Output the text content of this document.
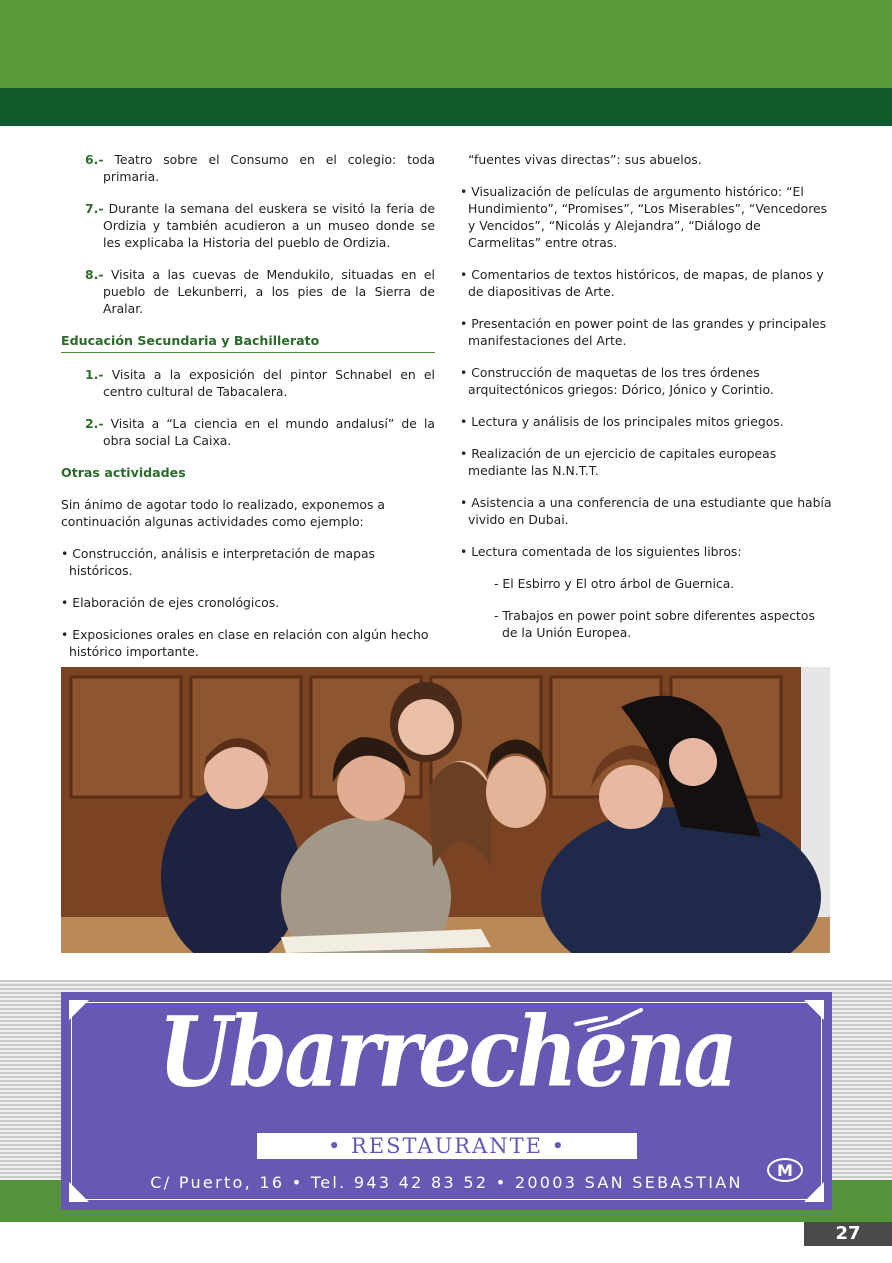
6.- Teatro sobre el Consumo en el colegio: toda primaria.
7.- Durante la semana del euskera se visitó la feria de Ordizia y también acudieron a un museo donde se les explicaba la Historia del pueblo de Ordizia.
8.- Visita a las cuevas de Mendukilo, situadas en el pueblo de Lekunberri, a los pies de la Sierra de Aralar.
Educación Secundaria y Bachillerato
1.- Visita a la exposición del pintor Schnabel en el centro cultural de Tabacalera.
2.- Visita a “La ciencia en el mundo andalusí” de la obra social La Caixa.
Otras actividades
Sin ánimo de agotar todo lo realizado, exponemos a continuación algunas actividades como ejemplo:
• Construcción, análisis e interpretación de mapas históricos.
• Elaboración de ejes cronológicos.
• Exposiciones orales en clase en relación con algún hecho histórico importante.
•
“fuentes vivas directas”: sus abuelos.
• Visualización de películas de argumento histórico: “El Hundimiento”, “Promises”, “Los Miserables”, “Vencedores y Vencidos”, “Nicolás y Alejandra”, “Diálogo de Carmelitas” entre otras.
• Comentarios de textos históricos, de mapas, de planos y de diapositivas de Arte.
• Presentación en power point de las grandes y principales manifestaciones del Arte.
• Construcción de maquetas de los tres órdenes arquitectónicos griegos: Dórico, Jónico y Corintio.
• Lectura y análisis de los principales mitos griegos.
• Realización de un ejercicio de capitales europeas mediante las N.N.T.T.
• Asistencia a una conferencia de una estudiante que había vivido en Dubai.
• Lectura comentada de los siguientes libros:
- El Esbirro y El otro árbol de Guernica.
- Trabajos en power point sobre diferentes aspectos de la Unión Europea.
Ubarrechena
• RESTAURANTE •
C/ Puerto, 16 • Tel. 943 42 83 52 • 20003 SAN SEBASTIAN
M
27
